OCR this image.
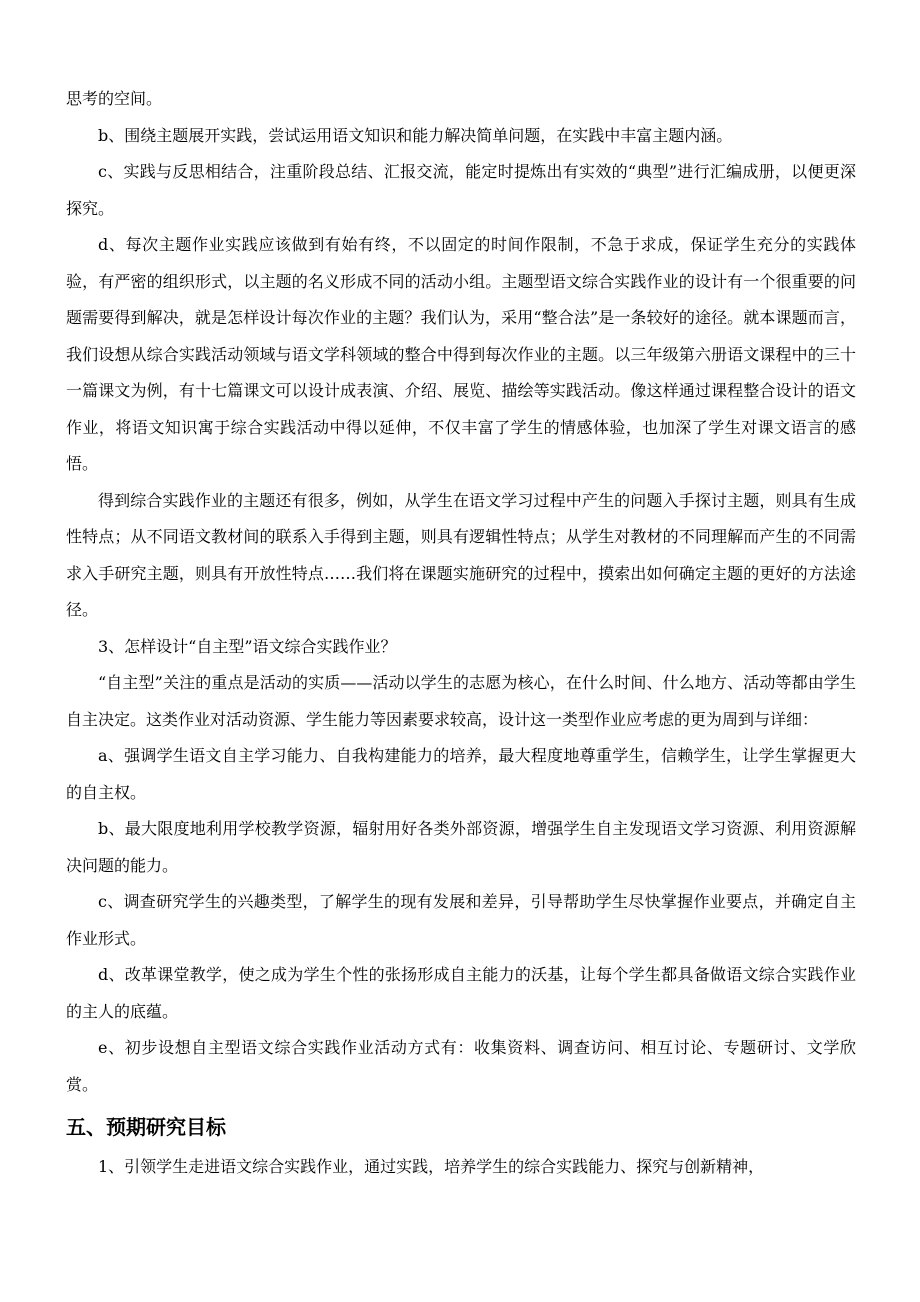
思考的空间。

b、围绕主题展开实践，尝试运用语文知识和能力解决简单问题，在实践中丰富主题内涵。

c、实践与反思相结合，注重阶段总结、汇报交流，能定时提炼出有实效的“典型”进行汇编成册，以便更深探究。

d、每次主题作业实践应该做到有始有终，不以固定的时间作限制，不急于求成，保证学生充分的实践体验，有严密的组织形式，以主题的名义形成不同的活动小组。主题型语文综合实践作业的设计有一个很重要的问题需要得到解决，就是怎样设计每次作业的主题？我们认为，采用“整合法”是一条较好的途径。就本课题而言，我们设想从综合实践活动领域与语文学科领域的整合中得到每次作业的主题。以三年级第六册语文课程中的三十一篇课文为例，有十七篇课文可以设计成表演、介绍、展览、描绘等实践活动。像这样通过课程整合设计的语文作业，将语文知识寓于综合实践活动中得以延伸，不仅丰富了学生的情感体验，也加深了学生对课文语言的感悟。

得到综合实践作业的主题还有很多，例如，从学生在语文学习过程中产生的问题入手探讨主题，则具有生成性特点；从不同语文教材间的联系入手得到主题，则具有逻辑性特点；从学生对教材的不同理解而产生的不同需求入手研究主题，则具有开放性特点……我们将在课题实施研究的过程中，摸索出如何确定主题的更好的方法途径。

3、怎样设计“自主型”语文综合实践作业？

“自主型”关注的重点是活动的实质——活动以学生的志愿为核心，在什么时间、什么地方、活动等都由学生自主决定。这类作业对活动资源、学生能力等因素要求较高，设计这一类型作业应考虑的更为周到与详细：

a、强调学生语文自主学习能力、自我构建能力的培养，最大程度地尊重学生，信赖学生，让学生掌握更大的自主权。

b、最大限度地利用学校教学资源，辐射用好各类外部资源，增强学生自主发现语文学习资源、利用资源解决问题的能力。

c、调查研究学生的兴趣类型，了解学生的现有发展和差异，引导帮助学生尽快掌握作业要点，并确定自主作业形式。

d、改革课堂教学，使之成为学生个性的张扬形成自主能力的沃基，让每个学生都具备做语文综合实践作业的主人的底蕴。

e、初步设想自主型语文综合实践作业活动方式有：收集资料、调查访问、相互讨论、专题研讨、文学欣赏。

五、预期研究目标

1、引领学生走进语文综合实践作业，通过实践，培养学生的综合实践能力、探究与创新精神，
